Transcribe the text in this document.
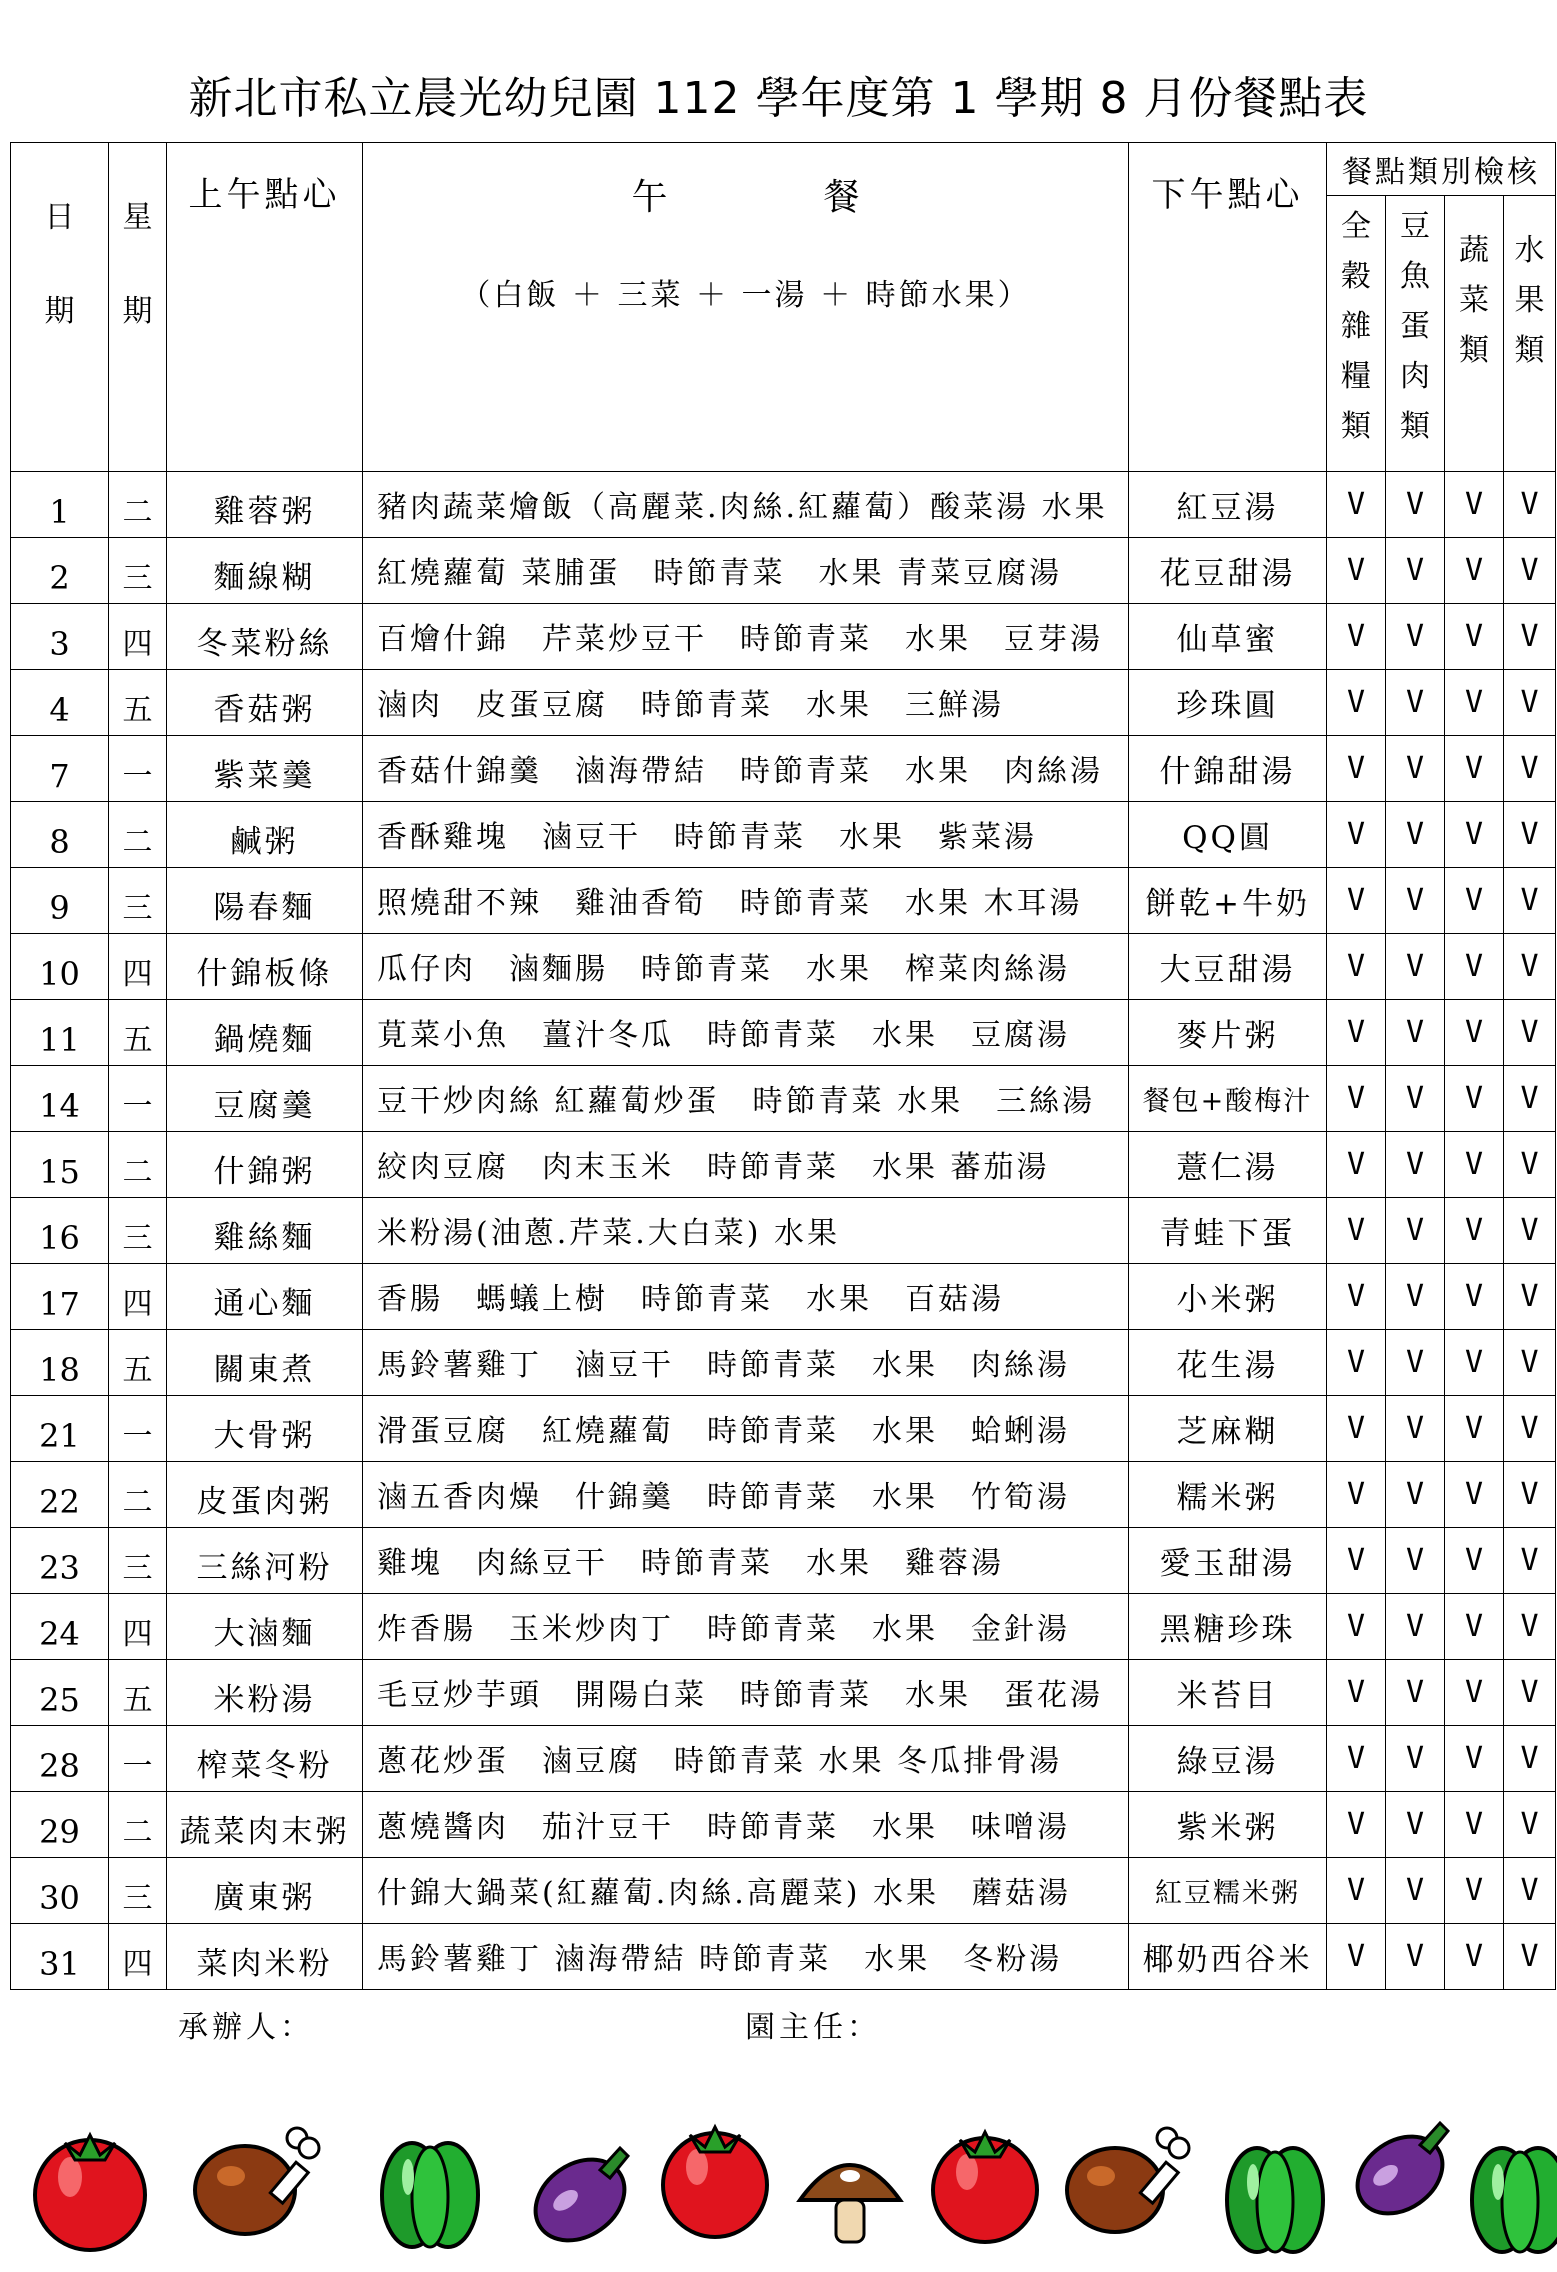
新北市私立晨光幼兒園 112 學年度第 1 學期 8 月份餐點表
日
期	星
期	上午點心	午　餐
（白飯 ＋ 三菜 ＋ 一湯 ＋ 時節水果）	下午點心	餐點類別檢核			

					全
穀
雜
糧
類	豆
魚
蛋
肉
類	蔬
菜
類	水
果
類

1	二	雞蓉粥	豬肉蔬菜燴飯（高麗菜.肉絲.紅蘿蔔）酸菜湯 水果	紅豆湯	V	V	V	V
2	三	麵線糊	紅燒蘿蔔 菜脯蛋　時節青菜　水果 青菜豆腐湯	花豆甜湯	V	V	V	V
3	四	冬菜粉絲	百燴什錦　芹菜炒豆干　時節青菜　水果　豆芽湯	仙草蜜	V	V	V	V
4	五	香菇粥	滷肉　皮蛋豆腐　時節青菜　水果　三鮮湯	珍珠圓	V	V	V	V
7	一	紫菜羹	香菇什錦羹　滷海帶結　時節青菜　水果　肉絲湯	什錦甜湯	V	V	V	V
8	二	鹹粥	香酥雞塊　滷豆干　時節青菜　水果　紫菜湯	QQ圓	V	V	V	V
9	三	陽春麵	照燒甜不辣　雞油香筍　時節青菜　水果 木耳湯	餅乾+牛奶	V	V	V	V
10	四	什錦板條	瓜仔肉　滷麵腸　時節青菜　水果　榨菜肉絲湯	大豆甜湯	V	V	V	V
11	五	鍋燒麵	莧菜小魚　薑汁冬瓜　時節青菜　水果　豆腐湯	麥片粥	V	V	V	V
14	一	豆腐羹	豆干炒肉絲 紅蘿蔔炒蛋　時節青菜 水果　三絲湯	餐包+酸梅汁	V	V	V	V
15	二	什錦粥	絞肉豆腐　肉末玉米　時節青菜　水果 蕃茄湯	薏仁湯	V	V	V	V
16	三	雞絲麵	米粉湯(油蔥.芹菜.大白菜) 水果	青蛙下蛋	V	V	V	V
17	四	通心麵	香腸　螞蟻上樹　時節青菜　水果　百菇湯	小米粥	V	V	V	V
18	五	關東煮	馬鈴薯雞丁　滷豆干　時節青菜　水果　肉絲湯	花生湯	V	V	V	V
21	一	大骨粥	滑蛋豆腐　紅燒蘿蔔　時節青菜　水果　蛤蜊湯	芝麻糊	V	V	V	V
22	二	皮蛋肉粥	滷五香肉燥　什錦羹　時節青菜　水果　竹筍湯	糯米粥	V	V	V	V
23	三	三絲河粉	雞塊　肉絲豆干　時節青菜　水果　雞蓉湯	愛玉甜湯	V	V	V	V
24	四	大滷麵	炸香腸　玉米炒肉丁　時節青菜　水果　金針湯	黑糖珍珠	V	V	V	V
25	五	米粉湯	毛豆炒芋頭　開陽白菜　時節青菜　水果　蛋花湯	米苔目	V	V	V	V
28	一	榨菜冬粉	蔥花炒蛋　滷豆腐　時節青菜 水果 冬瓜排骨湯	綠豆湯	V	V	V	V
29	二	蔬菜肉末粥	蔥燒醬肉　茄汁豆干　時節青菜　水果　味噌湯	紫米粥	V	V	V	V
30	三	廣東粥	什錦大鍋菜(紅蘿蔔.肉絲.高麗菜) 水果　蘑菇湯	紅豆糯米粥	V	V	V	V
31	四	菜肉米粉	馬鈴薯雞丁 滷海帶結 時節青菜　水果　冬粉湯	椰奶西谷米	V	V	V	V
承辦人：	園主任：
